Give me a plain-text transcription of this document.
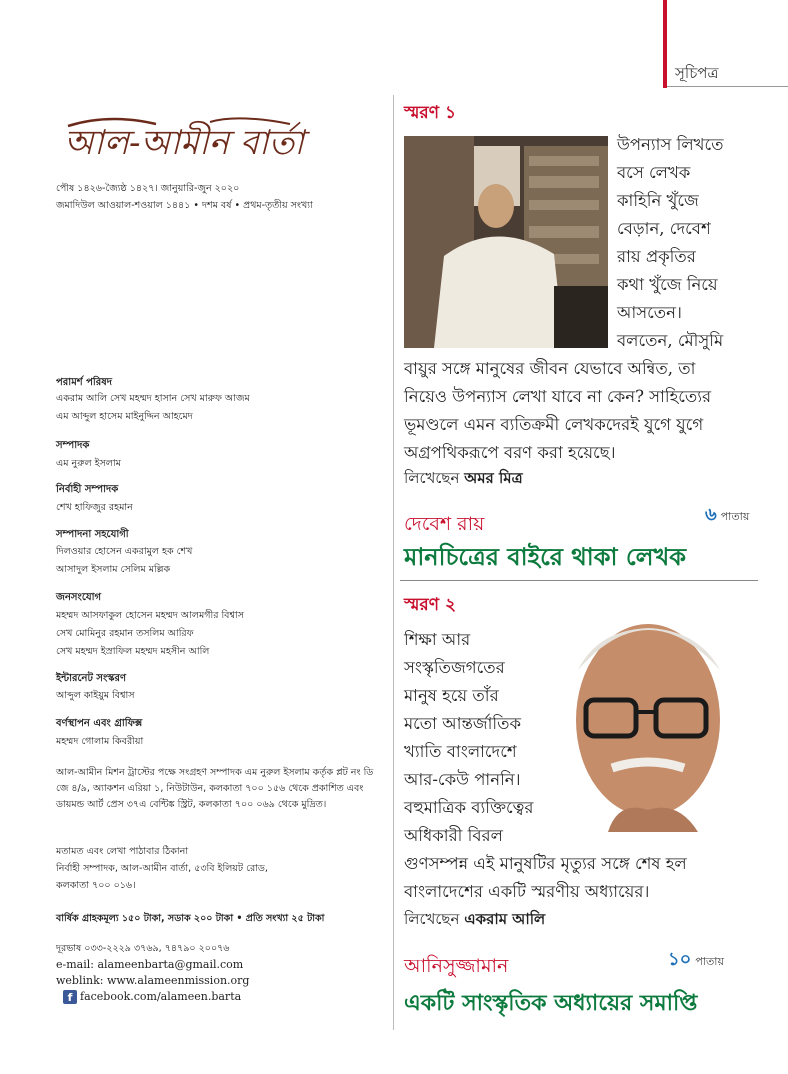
সূচিপত্র
আল-আমীন বার্তা
পৌষ ১৪২৬-জ্যৈষ্ঠ ১৪২৭। জানুয়ারি-জুন ২০২০
জমাদিউল আওয়াল-শওয়াল ১৪৪১ • দশম বর্ষ • প্রথম-তৃতীয় সংখ্যা
পরামর্শ পরিষদ
একরাম আলি সেখ মহম্মদ হাসান সেখ মারুফ আজম
এম আব্দুল হাসেম মাইনুদ্দিন আহমেদ
সম্পাদক
এম নুরুল ইসলাম
নির্বাহী সম্পাদক
শেখ হাফিজুর রহমান
সম্পাদনা সহযোগী
দিলওয়ার হোসেন একরামুল হক শেখ
আসাদুল ইসলাম সেলিম মল্লিক
জনসংযোগ
মহম্মদ আসফাকুল হোসেন মহম্মদ আলমগীর বিশ্বাস
সেখ মোমিনুর রহমান তসলিম আরিফ
সেখ মহম্মদ ইস্রাফিল মহম্মদ মহসীন আলি
ইন্টারনেট সংস্করণ
আব্দুল কাইয়ুম বিশ্বাস
বর্ণস্থাপন এবং গ্রাফিক্স
মহম্মদ গোলাম কিবরীয়া
আল-আমীন মিশন ট্রাস্টের পক্ষে সংগ্রহণ সম্পাদক এম নুরুল ইসলাম কর্তৃক প্লট নং ডি জে ৪/৯, অ্যাকশন এরিয়া ১, নিউটাউন, কলকাতা ৭০০ ১৫৬ থেকে প্রকাশিত এবং ডায়মন্ড আর্ট প্রেস ৩৭এ বেন্টিঙ্ক স্ট্রিট, কলকাতা ৭০০ ০৬৯ থেকে মুদ্রিত।
মতামত এবং লেখা পাঠাবার ঠিকানা
নির্বাহী সম্পাদক, আল-আমীন বার্তা, ৫৩বি ইলিয়ট রোড,
কলকাতা ৭০০ ০১৬।
বার্ষিক গ্রাহকমূল্য ১৫০ টাকা, সডাক ২০০ টাকা • প্রতি সংখ্যা ২৫ টাকা
দূরভাষ ০৩৩-২২২৯ ৩৭৬৯, ৭৪৭৯০ ২০০৭৬
e-mail: alameenbarta@gmail.com
weblink: www.alameenmission.org
f facebook.com/alameen.barta
স্মরণ ১
উপন্যাস লিখতে
বসে লেখক
কাহিনি খুঁজে
বেড়ান, দেবেশ
রায় প্রকৃতির
কথা খুঁজে নিয়ে
আসতেন।
বলতেন, মৌসুমি
বায়ুর সঙ্গে মানুষের জীবন যেভাবে অন্বিত, তা
নিয়েও উপন্যাস লেখা যাবে না কেন? সাহিত্যের
ভূমণ্ডলে এমন ব্যতিক্রমী লেখকদেরই যুগে যুগে
অগ্রপথিকরূপে বরণ করা হয়েছে।
লিখেছেন অমর মিত্র
৬ পাতায়
দেবেশ রায়
মানচিত্রের বাইরে থাকা লেখক
স্মরণ ২
শিক্ষা আর
সংস্কৃতিজগতের
মানুষ হয়ে তাঁর
মতো আন্তর্জাতিক
খ্যাতি বাংলাদেশে
আর-কেউ পাননি।
বহুমাত্রিক ব্যক্তিত্বের
অধিকারী বিরল
গুণসম্পন্ন এই মানুষটির মৃত্যুর সঙ্গে শেষ হল
বাংলাদেশের একটি স্মরণীয় অধ্যায়ের।
লিখেছেন একরাম আলি
১০ পাতায়
আনিসুজ্জামান
একটি সাংস্কৃতিক অধ্যায়ের সমাপ্তি
